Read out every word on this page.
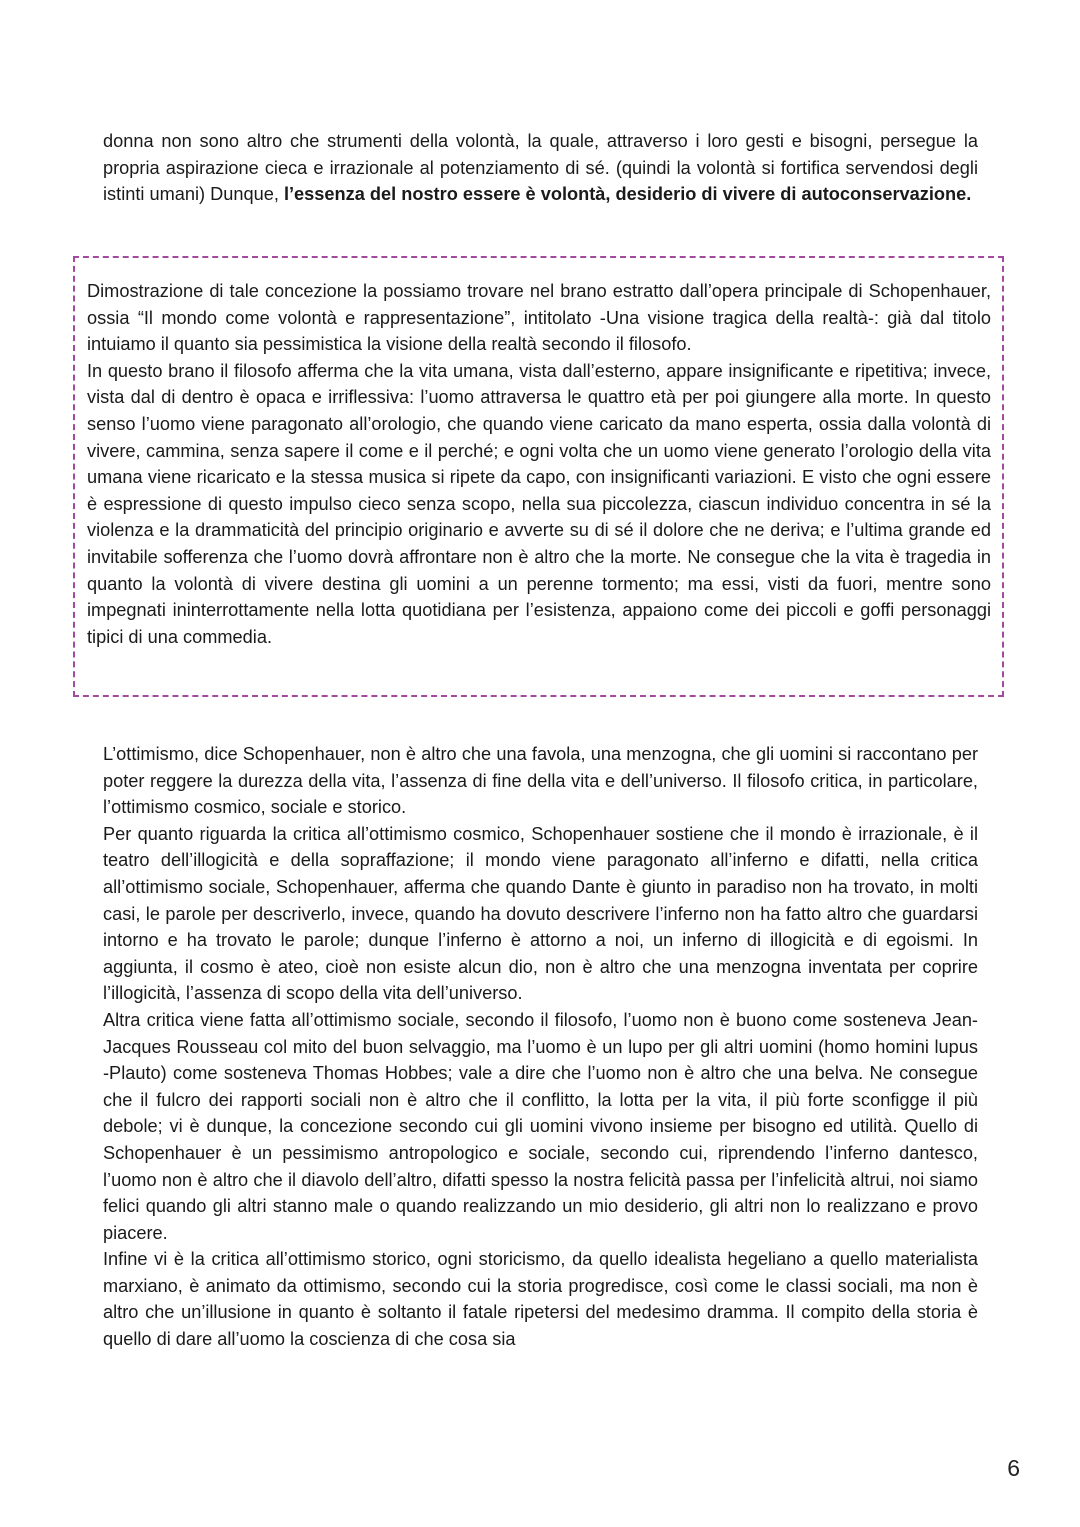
donna non sono altro che strumenti della volontà, la quale, attraverso i loro gesti e bisogni, persegue la propria aspirazione cieca e irrazionale al potenziamento di sé. (quindi la volontà si fortifica servendosi degli istinti umani) Dunque, l’essenza del nostro essere è volontà, desiderio di vivere di autoconservazione.

Dimostrazione di tale concezione la possiamo trovare nel brano estratto dall’opera principale di Schopenhauer, ossia “Il mondo come volontà e rappresentazione”, intitolato -Una visione tragica della realtà-: già dal titolo intuiamo il quanto sia pessimistica la visione della realtà secondo il filosofo.

In questo brano il filosofo afferma che la vita umana, vista dall’esterno, appare insignificante e ripetitiva; invece, vista dal di dentro è opaca e irriflessiva: l’uomo attraversa le quattro età per poi giungere alla morte. In questo senso l’uomo viene paragonato all’orologio, che quando viene caricato da mano esperta, ossia dalla volontà di vivere, cammina, senza sapere il come e il perché; e ogni volta che un uomo viene generato l’orologio della vita umana viene ricaricato e la stessa musica si ripete da capo, con insignificanti variazioni. E visto che ogni essere è espressione di questo impulso cieco senza scopo, nella sua piccolezza, ciascun individuo concentra in sé la violenza e la drammaticità del principio originario e avverte su di sé il dolore che ne deriva; e l’ultima grande ed invitabile sofferenza che l’uomo dovrà affrontare non è altro che la morte. Ne consegue che la vita è tragedia in quanto la volontà di vivere destina gli uomini a un perenne tormento; ma essi, visti da fuori, mentre sono impegnati ininterrottamente nella lotta quotidiana per l’esistenza, appaiono come dei piccoli e goffi personaggi tipici di una commedia.

L’ottimismo, dice Schopenhauer, non è altro che una favola, una menzogna, che gli uomini si raccontano per poter reggere la durezza della vita, l’assenza di fine della vita e dell’universo. Il filosofo critica, in particolare, l’ottimismo cosmico, sociale e storico.

Per quanto riguarda la critica all’ottimismo cosmico, Schopenhauer sostiene che il mondo è irrazionale, è il teatro dell’illogicità e della sopraffazione; il mondo viene paragonato all’inferno e difatti, nella critica all’ottimismo sociale, Schopenhauer, afferma che quando Dante è giunto in paradiso non ha trovato, in molti casi, le parole per descriverlo, invece, quando ha dovuto descrivere l’inferno non ha fatto altro che guardarsi intorno e ha trovato le parole; dunque l’inferno è attorno a noi, un inferno di illogicità e di egoismi. In aggiunta, il cosmo è ateo, cioè non esiste alcun dio, non è altro che una menzogna inventata per coprire l’illogicità, l’assenza di scopo della vita dell’universo.

Altra critica viene fatta all’ottimismo sociale, secondo il filosofo, l’uomo non è buono come sosteneva Jean-Jacques Rousseau col mito del buon selvaggio, ma l’uomo è un lupo per gli altri uomini (homo homini lupus -Plauto) come sosteneva Thomas Hobbes; vale a dire che l’uomo non è altro che una belva. Ne consegue che il fulcro dei rapporti sociali non è altro che il conflitto, la lotta per la vita, il più forte sconfigge il più debole; vi è dunque, la concezione secondo cui gli uomini vivono insieme per bisogno ed utilità. Quello di Schopenhauer è un pessimismo antropologico e sociale, secondo cui, riprendendo l’inferno dantesco, l’uomo non è altro che il diavolo dell’altro, difatti spesso la nostra felicità passa per l’infelicità altrui, noi siamo felici quando gli altri stanno male o quando realizzando un mio desiderio, gli altri non lo realizzano e provo piacere.

Infine vi è la critica all’ottimismo storico, ogni storicismo, da quello idealista hegeliano a quello materialista marxiano, è animato da ottimismo, secondo cui la storia progredisce, così come le classi sociali, ma non è altro che un’illusione in quanto è soltanto il fatale ripetersi del medesimo dramma. Il compito della storia è quello di dare all’uomo la coscienza di che cosa sia

6
